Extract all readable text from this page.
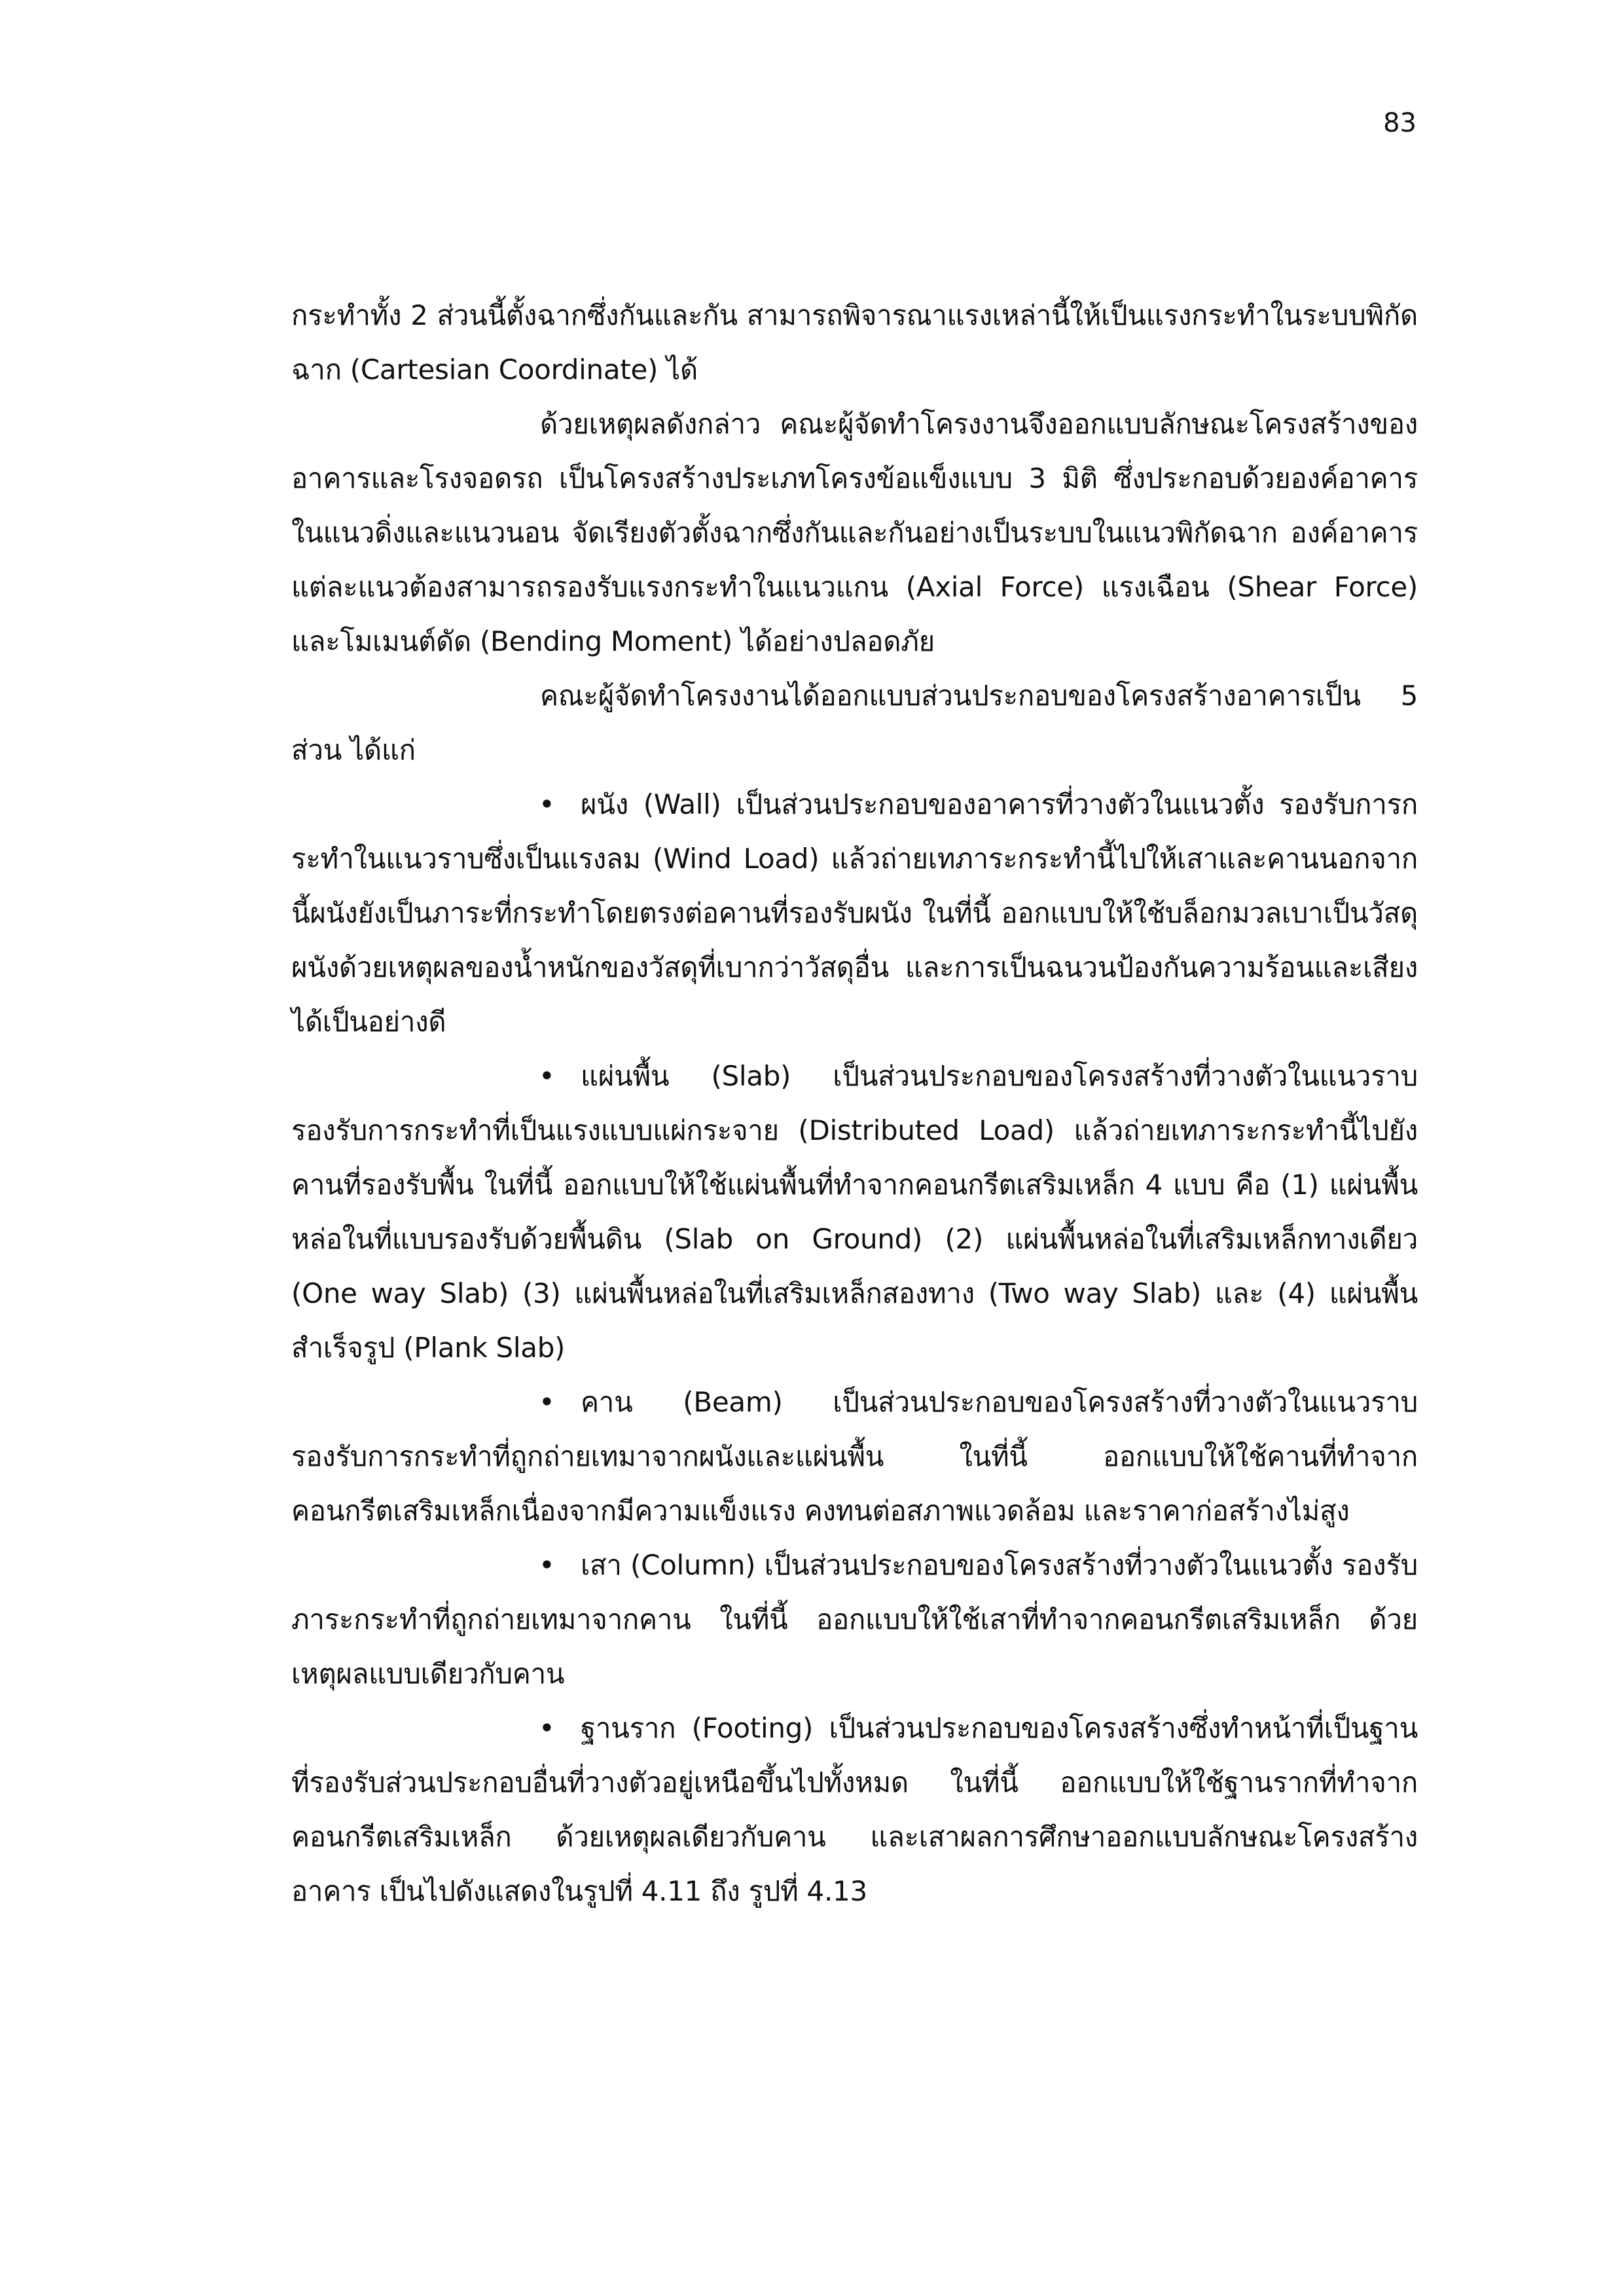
83

กระทำทั้ง 2 ส่วนนี้ตั้งฉากซึ่งกันและกัน สามารถพิจารณาแรงเหล่านี้ให้เป็นแรงกระทำในระบบพิกัดฉาก (Cartesian Coordinate) ได้

ด้วยเหตุผลดังกล่าว คณะผู้จัดทำโครงงานจึงออกแบบลักษณะโครงสร้างของอาคารและโรงจอดรถ เป็นโครงสร้างประเภทโครงข้อแข็งแบบ 3 มิติ ซึ่งประกอบด้วยองค์อาคารในแนวดิ่งและแนวนอน จัดเรียงตัวตั้งฉากซึ่งกันและกันอย่างเป็นระบบในแนวพิกัดฉาก องค์อาคารแต่ละแนวต้องสามารถรองรับแรงกระทำในแนวแกน (Axial Force) แรงเฉือน (Shear Force) และโมเมนต์ดัด (Bending Moment) ได้อย่างปลอดภัย

คณะผู้จัดทำโครงงานได้ออกแบบส่วนประกอบของโครงสร้างอาคารเป็น 5 ส่วน ได้แก่

• ผนัง (Wall) เป็นส่วนประกอบของอาคารที่วางตัวในแนวตั้ง รองรับการกระทำในแนวราบซึ่งเป็นแรงลม (Wind Load) แล้วถ่ายเทภาระกระทำนี้ไปให้เสาและคานนอกจากนี้ผนังยังเป็นภาระที่กระทำโดยตรงต่อคานที่รองรับผนัง ในที่นี้ ออกแบบให้ใช้บล็อกมวลเบาเป็นวัสดุผนังด้วยเหตุผลของน้ำหนักของวัสดุที่เบากว่าวัสดุอื่น และการเป็นฉนวนป้องกันความร้อนและเสียงได้เป็นอย่างดี

• แผ่นพื้น (Slab) เป็นส่วนประกอบของโครงสร้างที่วางตัวในแนวราบ รองรับการกระทำที่เป็นแรงแบบแผ่กระจาย (Distributed Load) แล้วถ่ายเทภาระกระทำนี้ไปยังคานที่รองรับพื้น ในที่นี้ ออกแบบให้ใช้แผ่นพื้นที่ทำจากคอนกรีตเสริมเหล็ก 4 แบบ คือ (1) แผ่นพื้นหล่อในที่แบบรองรับด้วยพื้นดิน (Slab on Ground) (2) แผ่นพื้นหล่อในที่เสริมเหล็กทางเดียว (One way Slab) (3) แผ่นพื้นหล่อในที่เสริมเหล็กสองทาง (Two way Slab) และ (4) แผ่นพื้นสำเร็จรูป (Plank Slab)

• คาน (Beam) เป็นส่วนประกอบของโครงสร้างที่วางตัวในแนวราบ รองรับการกระทำที่ถูกถ่ายเทมาจากผนังและแผ่นพื้น ในที่นี้ ออกแบบให้ใช้คานที่ทำจากคอนกรีตเสริมเหล็กเนื่องจากมีความแข็งแรง คงทนต่อสภาพแวดล้อม และราคาก่อสร้างไม่สูง

• เสา (Column) เป็นส่วนประกอบของโครงสร้างที่วางตัวในแนวตั้ง รองรับภาระกระทำที่ถูกถ่ายเทมาจากคาน ในที่นี้ ออกแบบให้ใช้เสาที่ทำจากคอนกรีตเสริมเหล็ก ด้วยเหตุผลแบบเดียวกับคาน

• ฐานราก (Footing) เป็นส่วนประกอบของโครงสร้างซึ่งทำหน้าที่เป็นฐานที่รองรับส่วนประกอบอื่นที่วางตัวอยู่เหนือขึ้นไปทั้งหมด ในที่นี้ ออกแบบให้ใช้ฐานรากที่ทำจากคอนกรีตเสริมเหล็ก ด้วยเหตุผลเดียวกับคาน และเสาผลการศึกษาออกแบบลักษณะโครงสร้างอาคาร เป็นไปดังแสดงในรูปที่ 4.11 ถึง รูปที่ 4.13
